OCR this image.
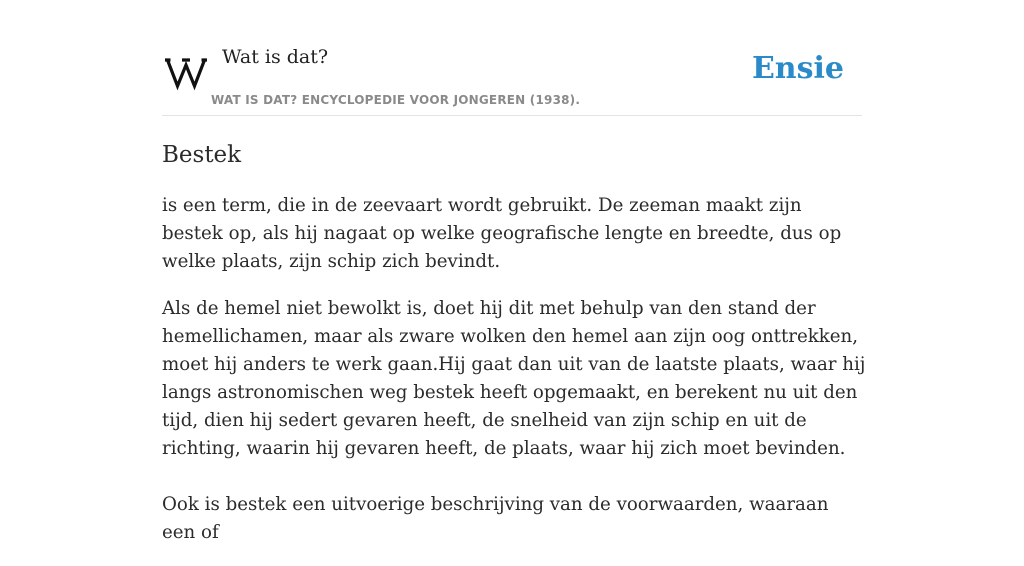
Wat is dat?
WAT IS DAT? ENCYCLOPEDIE VOOR JONGEREN (1938).
Ensie
Bestek

is een term, die in de zeevaart wordt gebruikt. De zeeman maakt zijn bestek op, als hij nagaat op welke geografische lengte en breedte, dus op welke plaats, zijn schip zich bevindt.

Als de hemel niet bewolkt is, doet hij dit met behulp van den stand der hemellichamen, maar als zware wolken den hemel aan zijn oog onttrekken, moet hij anders te werk gaan.Hij gaat dan uit van de laatste plaats, waar hij langs astronomischen weg bestek heeft opgemaakt, en berekent nu uit den tijd, dien hij sedert gevaren heeft, de snelheid van zijn schip en uit de richting, waarin hij gevaren heeft, de plaats, waar hij zich moet bevinden.

Ook is bestek een uitvoerige beschrijving van de voorwaarden, waaraan een of
